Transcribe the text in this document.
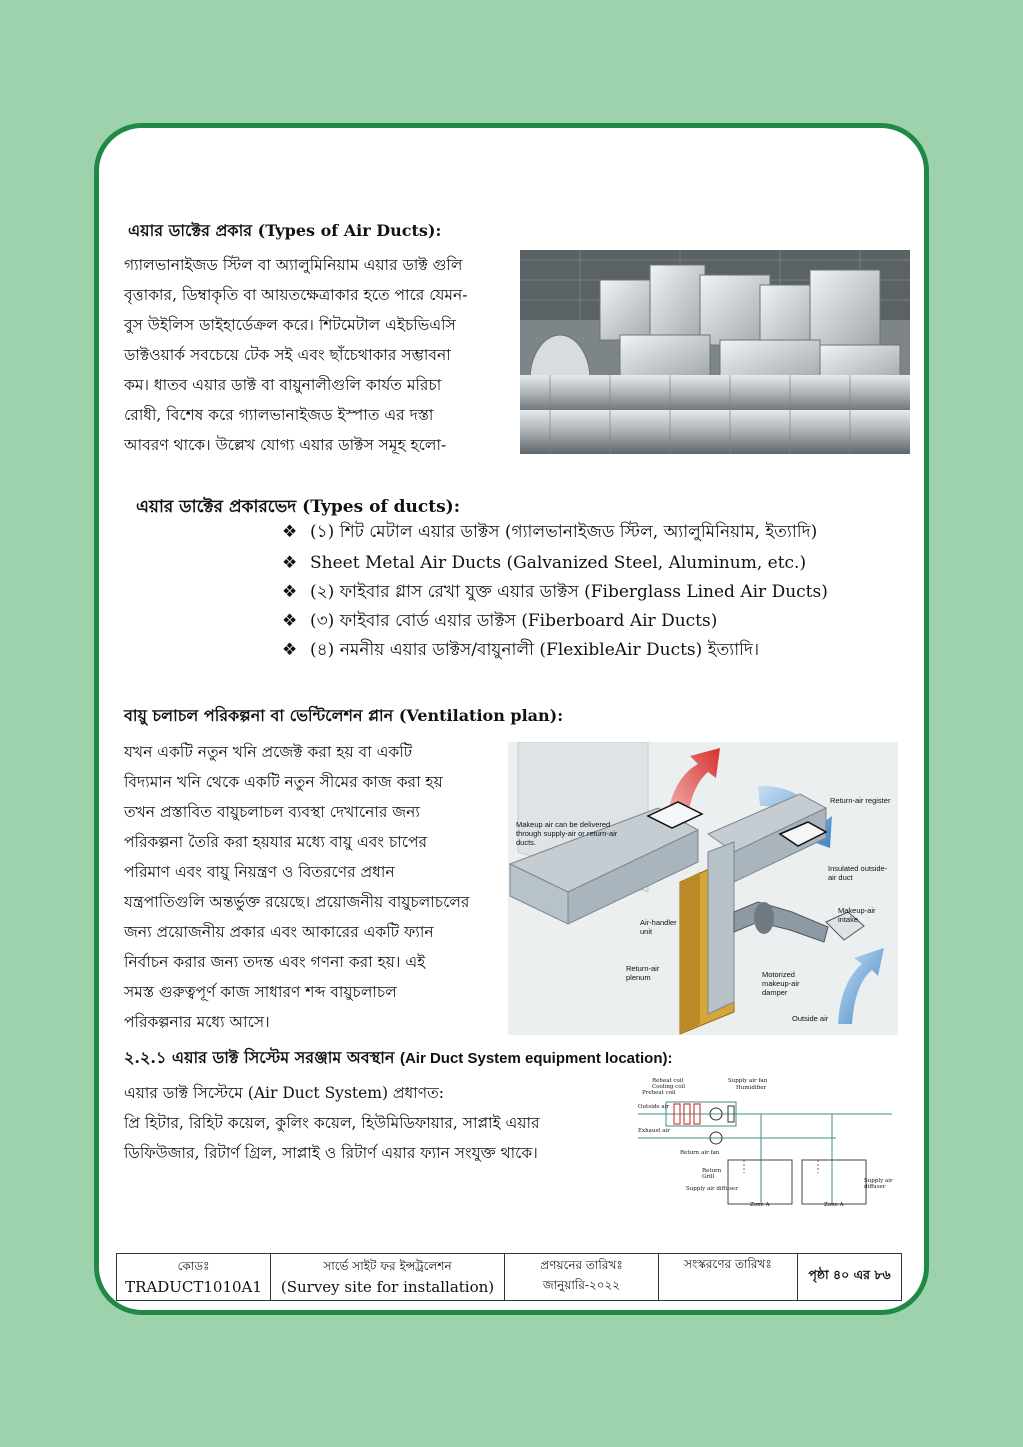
এয়ার ডাক্টের প্রকার (Types of Air Ducts):
গ্যালভানাইজড স্টিল বা অ্যালুমিনিয়াম এয়ার ডাক্ট গুলি
বৃত্তাকার, ডিম্বাকৃতি বা আয়তক্ষেত্রাকার হতে পারে যেমন-
বুস উইলিস ডাইহার্ডেক্রল করে। শিটমেটাল এইচভিএসি
ডাক্টওয়ার্ক সবচেয়ে টেক সই এবং ছাঁচেথাকার সম্ভাবনা
কম। ধাতব এয়ার ডাক্ট বা বায়ুনালীগুলি কার্যত মরিচা
রোধী, বিশেষ করে গ্যালভানাইজড ইস্পাত এর দস্তা
আবরণ থাকে। উল্লেখ যোগ্য এয়ার ডাক্টস সমূহ হলো-
এয়ার ডাক্টের প্রকারভেদ (Types of ducts):
❖ (১) শিট মেটাল এয়ার ডাক্টস (গ্যালভানাইজড স্টিল, অ্যালুমিনিয়াম, ইত্যাদি)
❖ Sheet Metal Air Ducts (Galvanized Steel, Aluminum, etc.)
❖ (২) ফাইবার গ্লাস রেখা যুক্ত এয়ার ডাক্টস (Fiberglass Lined Air Ducts)
❖ (৩) ফাইবার বোর্ড এয়ার ডাক্টস (Fiberboard Air Ducts)
❖ (৪) নমনীয় এয়ার ডাক্টস/বায়ুনালী (FlexibleAir Ducts) ইত্যাদি।
বায়ু চলাচল পরিকল্পনা বা ভেন্টিলেশন প্লান (Ventilation plan):
যখন একটি নতুন খনি প্রজেক্ট করা হয় বা একটি
বিদ্যমান খনি থেকে একটি নতুন সীমের কাজ করা হয়
তখন প্রস্তাবিত বায়ুচলাচল ব্যবস্থা দেখানোর জন্য
পরিকল্পনা তৈরি করা হয়যার মধ্যে বায়ু এবং চাপের
পরিমাণ এবং বায়ু নিয়ন্ত্রণ ও বিতরণের প্রধান
যন্ত্রপাতিগুলি অন্তর্ভুক্ত রয়েছে। প্রয়োজনীয় বায়ুচলাচলের
জন্য প্রয়োজনীয় প্রকার এবং আকারের একটি ফ্যান
নির্বাচন করার জন্য তদন্ত এবং গণনা করা হয়। এই
সমস্ত গুরুত্বপূর্ণ কাজ সাধারণ শব্দ বায়ুচলাচল
পরিকল্পনার মধ্যে আসে।
Makeup air can be delivered through supply-air or return-air ducts.
Return-air register
Insulated outside-air duct
Makeup-air intake
Air-handler unit
Return-air plenum	Motorized makeup-air damper
Outside air
২.২.১ এয়ার ডাক্ট সিস্টেম সরঞ্জাম অবস্থান (Air Duct System equipment location):
এয়ার ডাক্ট সিস্টেমে (Air Duct System) প্রধাণত:
প্রি হিটার, রিহিট কয়েল, কুলিং কয়েল, হিউমিডিফায়ার, সাপ্লাই এয়ার
ডিফিউজার, রিটার্ণ গ্রিল, সাপ্লাই ও রিটার্ণ এয়ার ফ্যান সংযুক্ত থাকে।
Reheat coil
Cooling coil
Preheat coil
Outside air
Exhaust air
Supply air fan
Humidifier
Return air fan
Return Grill
Supply air diffuser
Supply air diffuser
Zone A	Zone A
কোডঃ
TRADUCT1010A1

সার্ভে সাইট ফর ইন্সট্রলেশন
(Survey site for installation)

প্রণয়নের তারিখঃ
জানুয়ারি-২০২২

সংস্করণের তারিখঃ
	পৃষ্ঠা ৪০ এর ৮৬
